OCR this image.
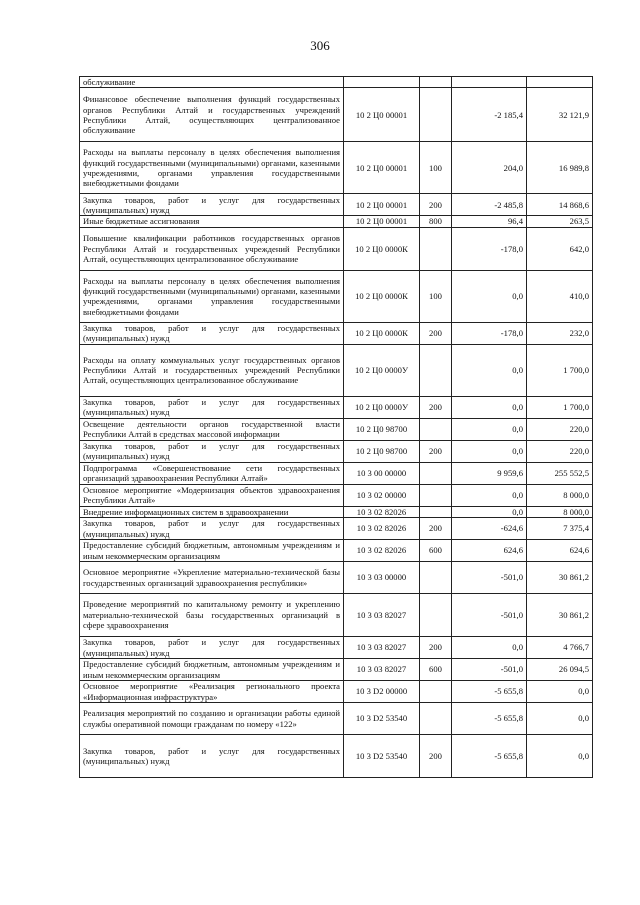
306
обслуживание				
Финансовое обеспечение выполнения функций государственных органов Республики Алтай и государственных учреждений Республики Алтай, осуществляющих централизованное обслуживание	10 2 Ц0 00001		-2 185,4	32 121,9
Расходы на выплаты персоналу в целях обеспечения выполнения функций государственными (муниципальными) органами, казенными учреждениями, органами управления государственными внебюджетными фондами	10 2 Ц0 00001	100	204,0	16 989,8
Закупка товаров, работ и услуг для государственных (муниципальных) нужд	10 2 Ц0 00001	200	-2 485,8	14 868,6
Иные бюджетные ассигнования	10 2 Ц0 00001	800	96,4	263,5
Повышение квалификации работников государственных органов Республики Алтай и государственных учреждений Республики Алтай, осуществляющих централизованное обслуживание	10 2 Ц0 0000К		-178,0	642,0
Расходы на выплаты персоналу в целях обеспечения выполнения функций государственными (муниципальными) органами, казенными учреждениями, органами управления государственными внебюджетными фондами	10 2 Ц0 0000К	100	0,0	410,0
Закупка товаров, работ и услуг для государственных (муниципальных) нужд	10 2 Ц0 0000К	200	-178,0	232,0
Расходы на оплату коммунальных услуг государственных органов Республики Алтай и государственных учреждений Республики Алтай, осуществляющих централизованное обслуживание	10 2 Ц0 0000У		0,0	1 700,0
Закупка товаров, работ и услуг для государственных (муниципальных) нужд	10 2 Ц0 0000У	200	0,0	1 700,0
Освещение деятельности органов государственной власти Республики Алтай в средствах массовой информации	10 2 Ц0 98700		0,0	220,0
Закупка товаров, работ и услуг для государственных (муниципальных) нужд	10 2 Ц0 98700	200	0,0	220,0
Подпрограмма «Совершенствование сети государственных организаций здравоохранения Республики Алтай»	10 3 00 00000		9 959,6	255 552,5
Основное мероприятие «Модернизация объектов здравоохранения Республики Алтай»	10 3 02 00000		0,0	8 000,0
Внедрение информационных систем в здравоохранении	10 3 02 82026		0,0	8 000,0
Закупка товаров, работ и услуг для государственных (муниципальных) нужд	10 3 02 82026	200	-624,6	7 375,4
Предоставление субсидий бюджетным, автономным учреждениям и иным некоммерческим организациям	10 3 02 82026	600	624,6	624,6
Основное мероприятие «Укрепление материально-технической базы государственных организаций здравоохранения республики»	10 3 03 00000		-501,0	30 861,2
Проведение мероприятий по капитальному ремонту и укреплению материально-технической базы государственных организаций в сфере здравоохранения	10 3 03 82027		-501,0	30 861,2
Закупка товаров, работ и услуг для государственных (муниципальных) нужд	10 3 03 82027	200	0,0	4 766,7
Предоставление субсидий бюджетным, автономным учреждениям и иным некоммерческим организациям	10 3 03 82027	600	-501,0	26 094,5
Основное мероприятие «Реализация регионального проекта «Информационная инфраструктура»	10 3 D2 00000		-5 655,8	0,0
Реализация мероприятий по созданию и организации работы единой службы оперативной помощи гражданам по номеру «122»	10 3 D2 53540		-5 655,8	0,0
Закупка товаров, работ и услуг для государственных (муниципальных) нужд	10 3 D2 53540	200	-5 655,8	0,0
